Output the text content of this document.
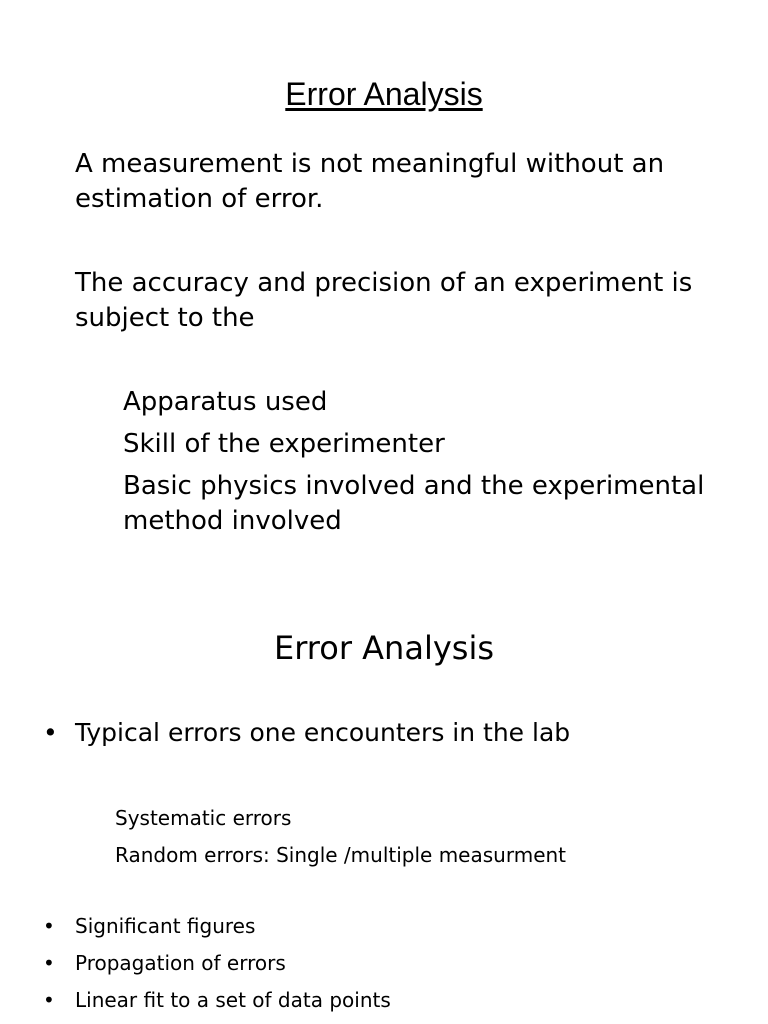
Error Analysis

A measurement is not meaningful without an estimation of error.

The accuracy and precision of an experiment is subject to the

Apparatus used
Skill of the experimenter
Basic physics involved and the experimental method involved
Error Analysis

• Typical errors one encounters in the lab

Systematic errors
Random errors: Single /multiple measurment
•	Significant figures
•	Propagation of errors
•	Linear fit to a set of data points
